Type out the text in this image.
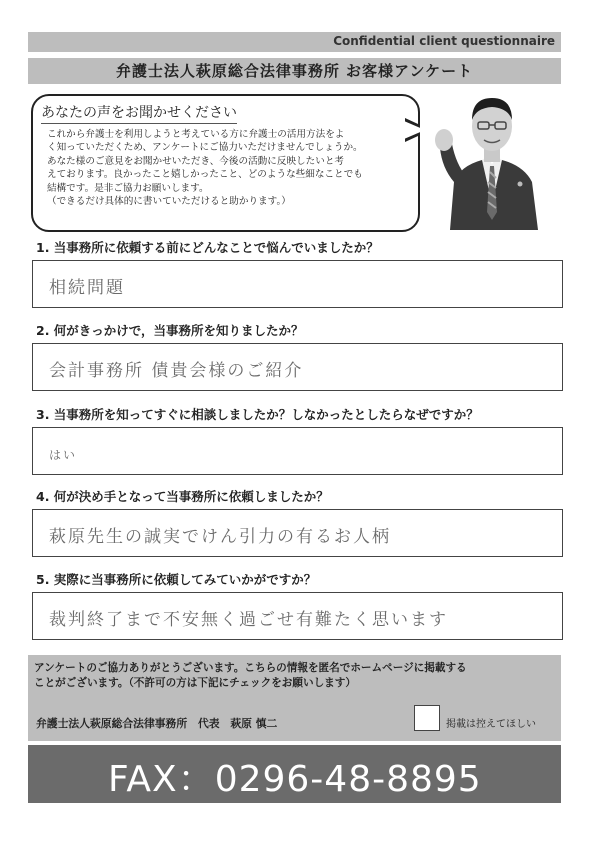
Confidential client questionnaire
弁護士法人萩原総合法律事務所 お客様アンケート
あなたの声をお聞かせください
これから弁護士を利用しようと考えている方に弁護士の活用方法をよ
く知っていただくため、アンケートにご協力いただけませんでしょうか。
あなた様のご意見をお聞かせいただき、今後の活動に反映したいと考
えております。良かったこと嬉しかったこと、どのような些細なことでも
結構です。是非ご協力お願いします。
（できるだけ具体的に書いていただけると助かります。）
1. 当事務所に依頼する前にどんなことで悩んでいましたか？
相続問題
2. 何がきっかけで，当事務所を知りましたか？
会計事務所 債貴会様のご紹介
3. 当事務所を知ってすぐに相談しましたか？しなかったとしたらなぜですか？
はい
4. 何が決め手となって当事務所に依頼しましたか？
萩原先生の誠実でけん引力の有るお人柄
5. 実際に当事務所に依頼してみていかがですか？
裁判終了まで不安無く過ごせ有難たく思います
アンケートのご協力ありがとうございます。こちらの情報を匿名でホームページに掲載する
ことがございます。（不許可の方は下記にチェックをお願いします）
弁護士法人萩原総合法律事務所　代表　萩原 慎二	掲載は控えてほしい
FAX：0296-48-8895
